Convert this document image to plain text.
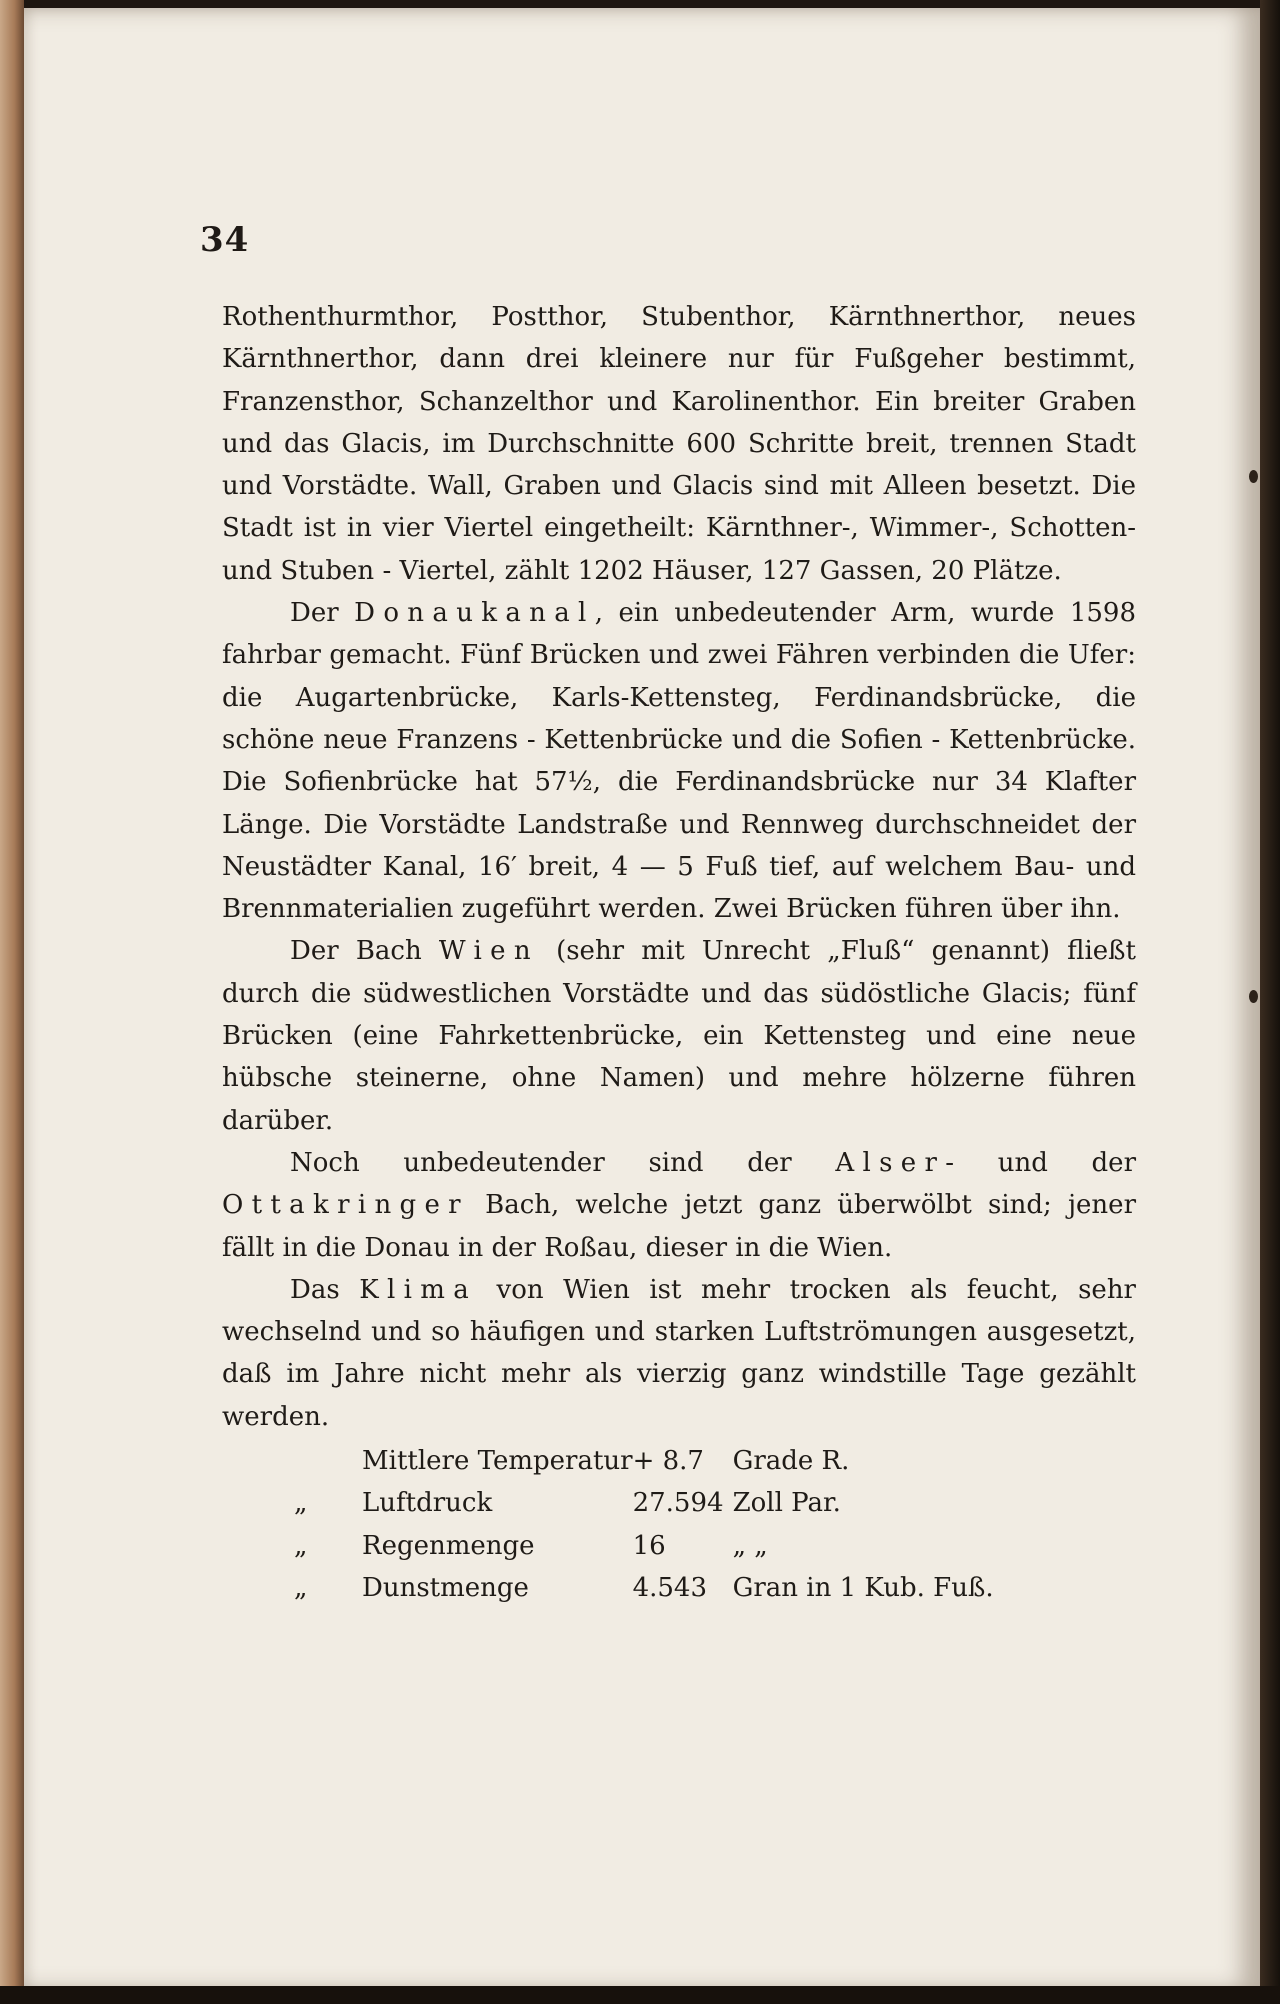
34

Rothenthurmthor, Postthor, Stubenthor, Kärnthnerthor, neues Kärnthnerthor, dann drei kleinere nur für Fußgeher bestimmt, Franzensthor, Schanzelthor und Karolinenthor. Ein breiter Graben und das Glacis, im Durchschnitte 600 Schritte breit, trennen Stadt und Vorstädte. Wall, Graben und Glacis sind mit Alleen besetzt. Die Stadt ist in vier Viertel eingetheilt: Kärnthner-, Wimmer-, Schotten- und Stuben - Viertel, zählt 1202 Häuser, 127 Gassen, 20 Plätze.

Der Donaukanal, ein unbedeutender Arm, wurde 1598 fahrbar gemacht. Fünf Brücken und zwei Fähren verbinden die Ufer: die Augartenbrücke, Karls-Kettensteg, Ferdinandsbrücke, die schöne neue Franzens - Kettenbrücke und die Sofien - Kettenbrücke. Die Sofienbrücke hat 57½, die Ferdinandsbrücke nur 34 Klafter Länge. Die Vorstädte Landstraße und Rennweg durchschneidet der Neustädter Kanal, 16′ breit, 4 — 5 Fuß tief, auf welchem Bau- und Brennmaterialien zugeführt werden. Zwei Brücken führen über ihn.

Der Bach Wien (sehr mit Unrecht „Fluß“ genannt) fließt durch die südwestlichen Vorstädte und das südöstliche Glacis; fünf Brücken (eine Fahrkettenbrücke, ein Kettensteg und eine neue hübsche steinerne, ohne Namen) und mehre hölzerne führen darüber.

Noch unbedeutender sind der Alser- und der Ottakringer Bach, welche jetzt ganz überwölbt sind; jener fällt in die Donau in der Roßau, dieser in die Wien.

Das Klima von Wien ist mehr trocken als feucht, sehr wechselnd und so häufigen und starken Luftströmungen ausgesetzt, daß im Jahre nicht mehr als vierzig ganz windstille Tage gezählt werden.

	Mittlere Temperatur	+ 8.7	Grade R.
„	Luftdruck	27.594	Zoll Par.
„	Regenmenge	16	„ „
„	Dunstmenge	4.543	Gran in 1 Kub. Fuß.
